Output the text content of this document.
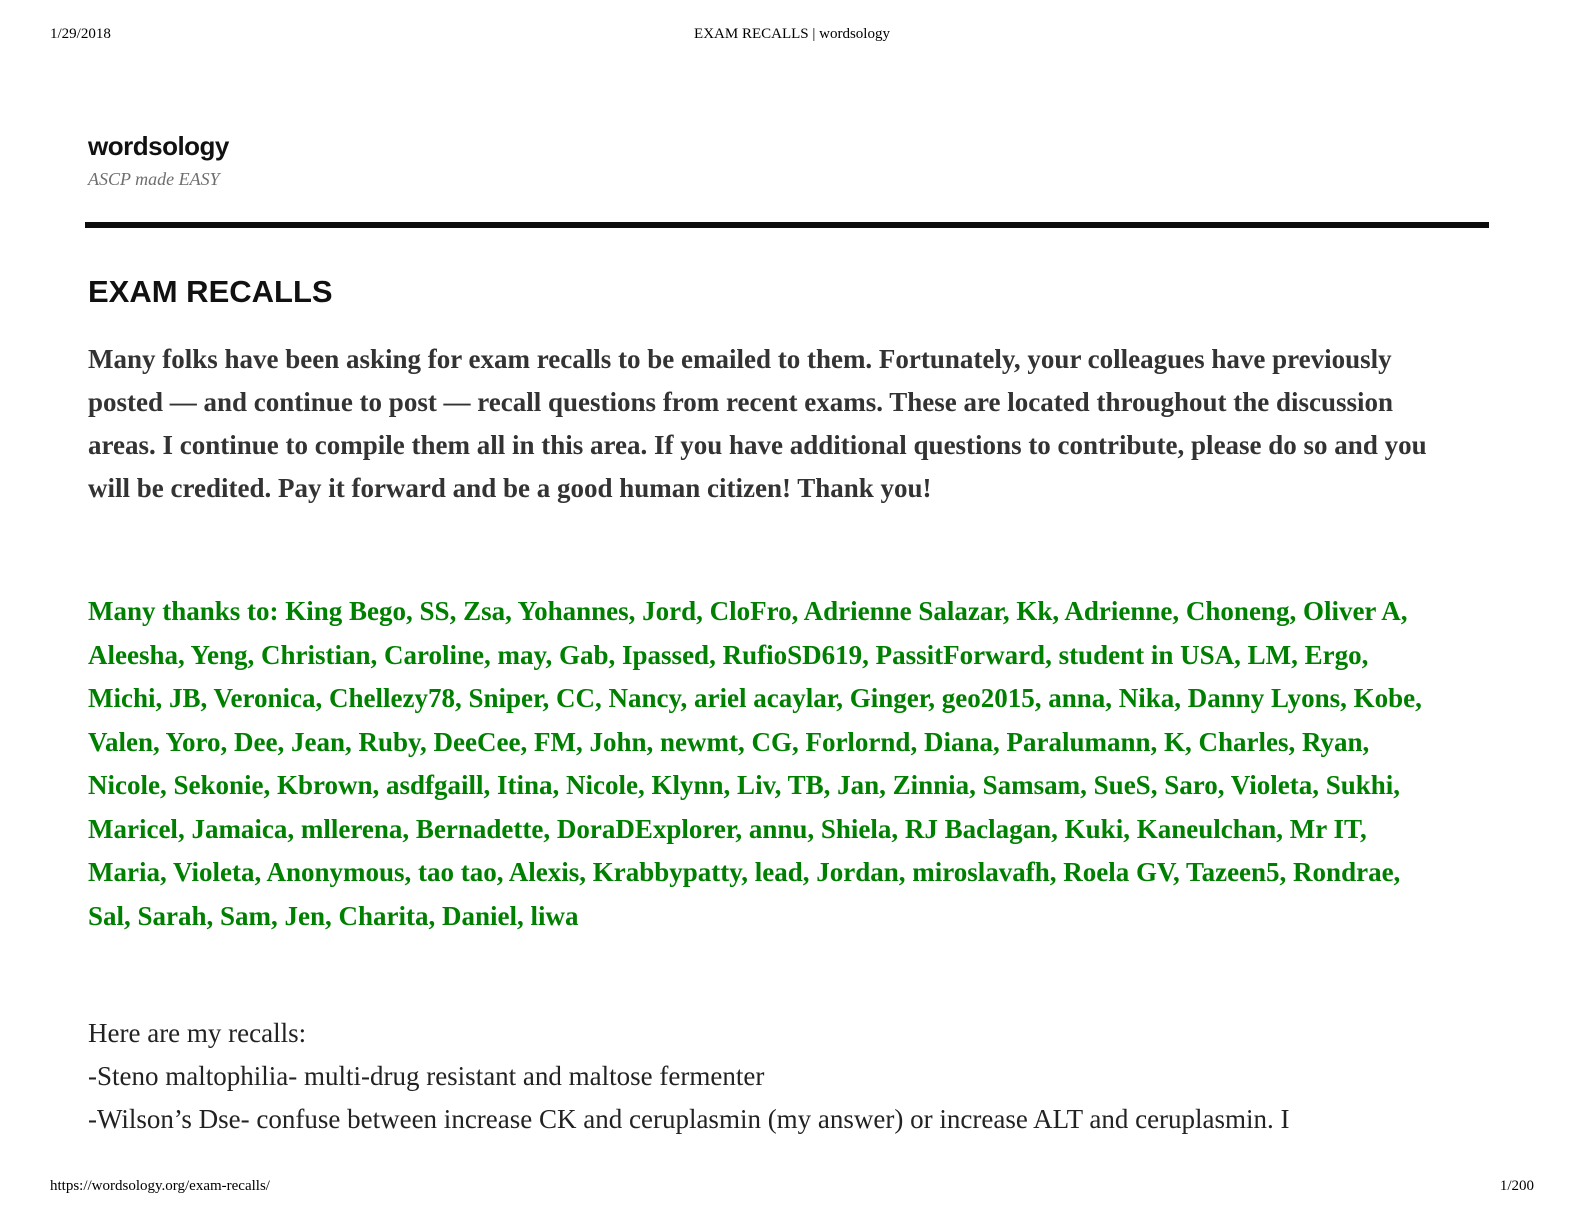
1/29/2018	EXAM RECALLS | wordsology
wordsology
ASCP made EASY
EXAM RECALLS

Many folks have been asking for exam recalls to be emailed to them. Fortunately, your colleagues have previously posted — and continue to post — recall questions from recent exams. These are located throughout the discussion areas. I continue to compile them all in this area. If you have additional questions to contribute, please do so and you will be credited. Pay it forward and be a good human citizen! Thank you!

Many thanks to: King Bego, SS, Zsa, Yohannes, Jord, CloFro, Adrienne Salazar, Kk, Adrienne, Choneng, Oliver A, Aleesha, Yeng, Christian, Caroline, may, Gab, Ipassed, RufioSD619, PassitForward, student in USA, LM, Ergo, Michi, JB, Veronica, Chellezy78, Sniper, CC, Nancy, ariel acaylar, Ginger, geo2015, anna, Nika, Danny Lyons, Kobe, Valen, Yoro, Dee, Jean, Ruby, DeeCee, FM, John, newmt, CG, Forlornd, Diana, Paralumann, K, Charles, Ryan, Nicole, Sekonie, Kbrown, asdfgaill, Itina, Nicole, Klynn, Liv, TB, Jan, Zinnia, Samsam, SueS, Saro, Violeta, Sukhi, Maricel, Jamaica, mllerena, Bernadette, DoraDExplorer, annu, Shiela, RJ Baclagan, Kuki, Kaneulchan, Mr IT, Maria, Violeta, Anonymous, tao tao, Alexis, Krabbypatty, lead, Jordan, miroslavafh, Roela GV, Tazeen5, Rondrae, Sal, Sarah, Sam, Jen, Charita, Daniel, liwa

Here are my recalls:
-Steno maltophilia- multi-drug resistant and maltose fermenter
-Wilson’s Dse- confuse between increase CK and ceruplasmin (my answer) or increase ALT and ceruplasmin. I
https://wordsology.org/exam-recalls/	1/200
